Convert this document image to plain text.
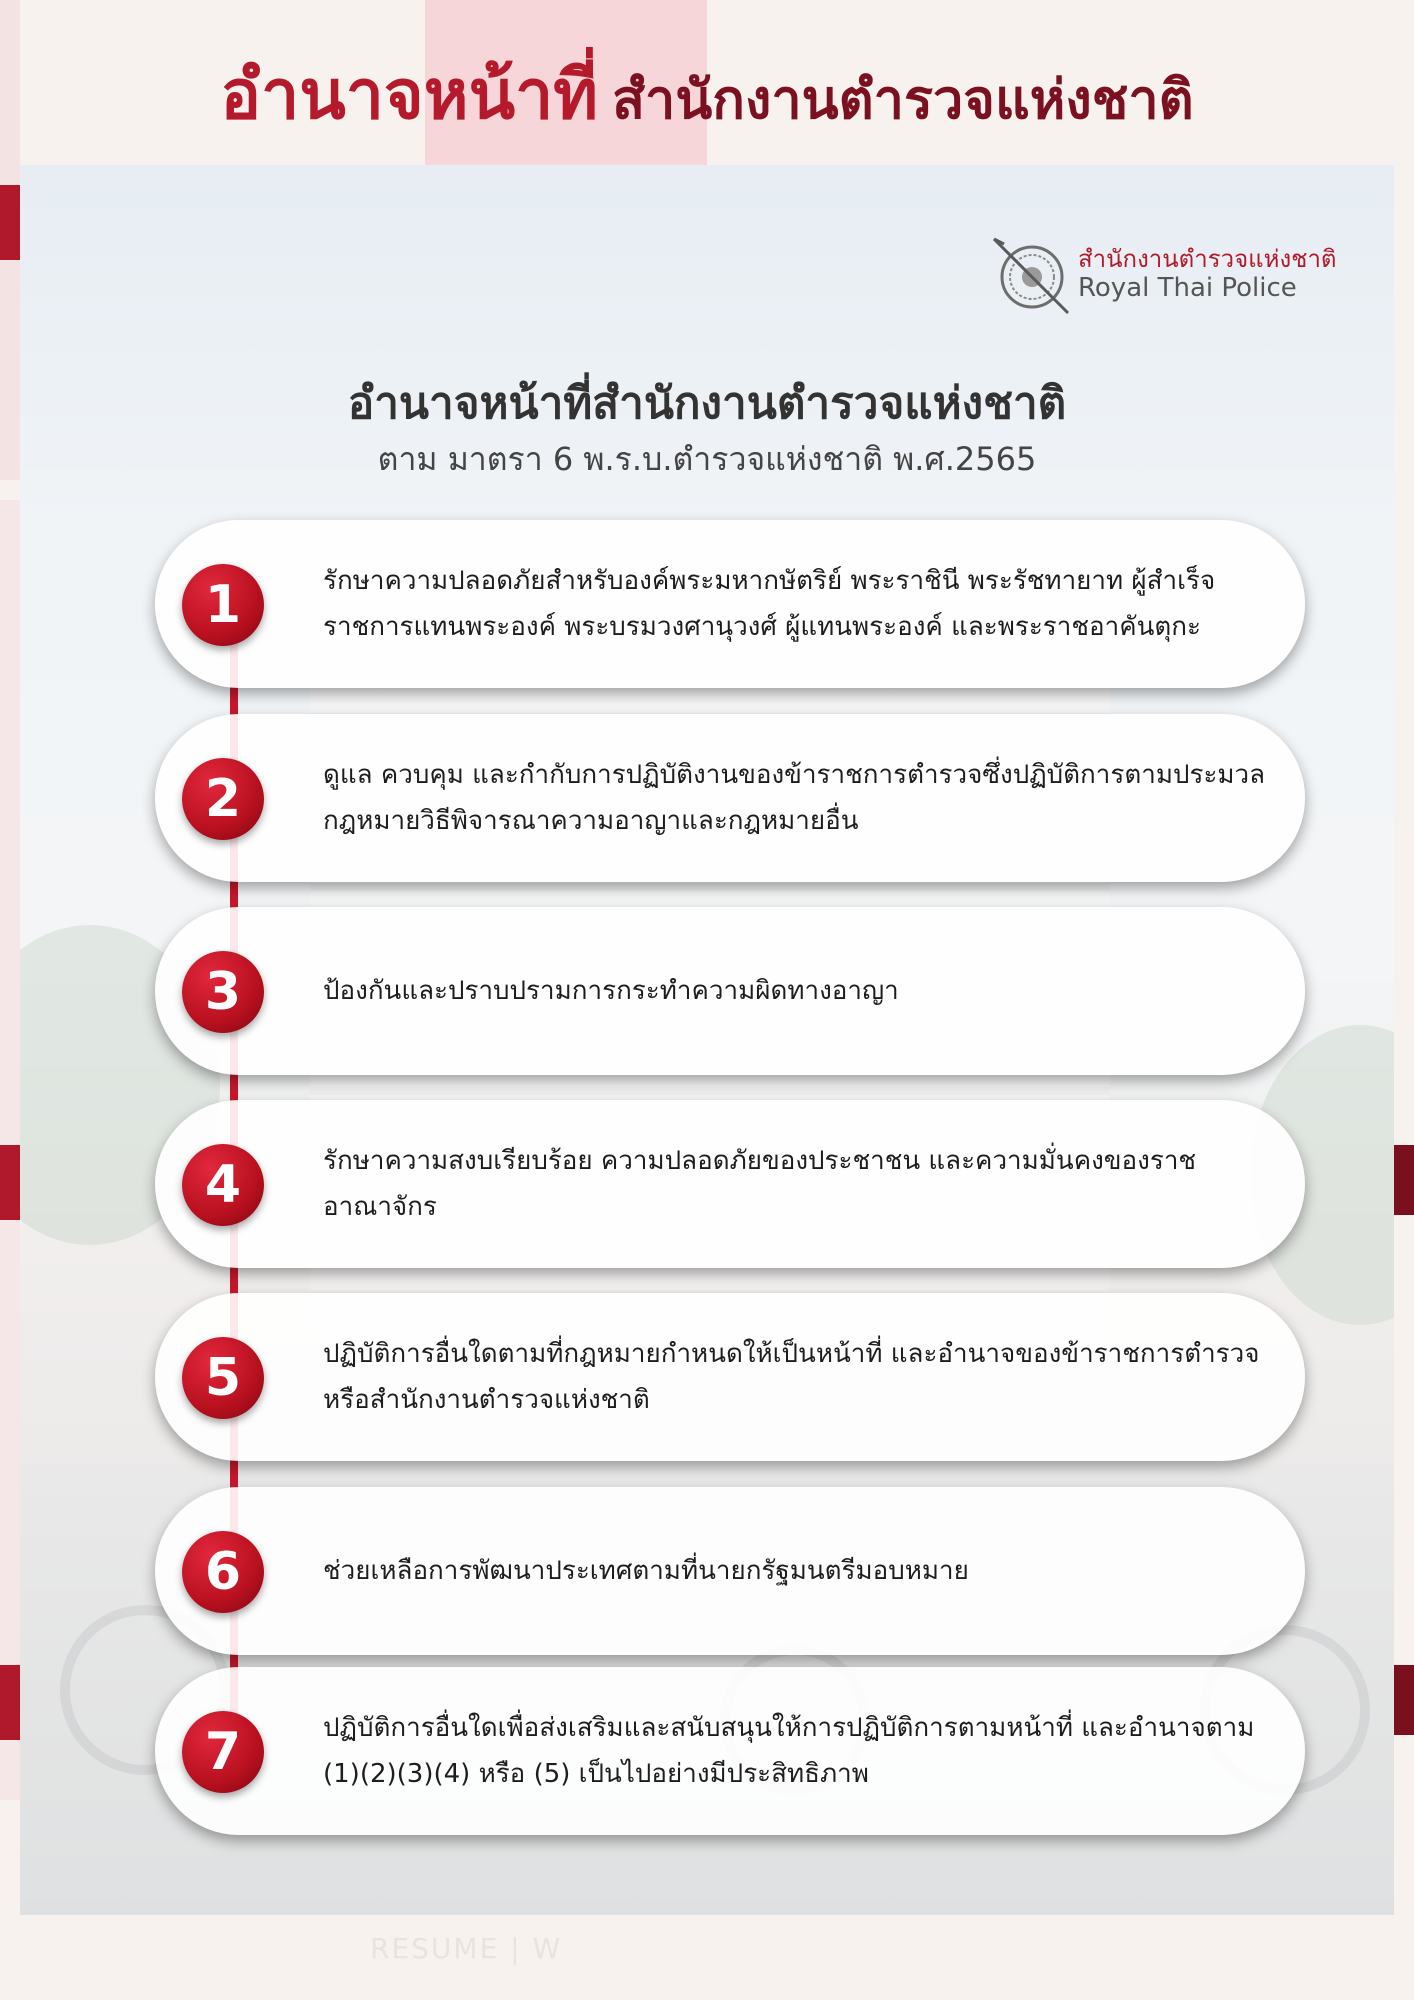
อำนาจหน้าที่ สำนักงานตำรวจแห่งชาติ
สำนักงานตำรวจแห่งชาติ
Royal Thai Police
อำนาจหน้าที่สำนักงานตำรวจแห่งชาติ
ตาม มาตรา 6 พ.ร.บ.ตำรวจแห่งชาติ พ.ศ.2565
1	รักษาความปลอดภัยสำหรับองค์พระมหากษัตริย์ พระราชินี พระรัชทายาท ผู้สำเร็จราชการแทนพระองค์ พระบรมวงศานุวงศ์ ผู้แทนพระองค์ และพระราชอาคันตุกะ
2	ดูแล ควบคุม และกำกับการปฏิบัติงานของข้าราชการตำรวจซึ่งปฏิบัติการตามประมวลกฎหมายวิธีพิจารณาความอาญาและกฎหมายอื่น
3	ป้องกันและปราบปรามการกระทำความผิดทางอาญา
4	รักษาความสงบเรียบร้อย ความปลอดภัยของประชาชน และความมั่นคงของราชอาณาจักร
5	ปฏิบัติการอื่นใดตามที่กฎหมายกำหนดให้เป็นหน้าที่ และอำนาจของข้าราชการตำรวจหรือสำนักงานตำรวจแห่งชาติ
6	ช่วยเหลือการพัฒนาประเทศตามที่นายกรัฐมนตรีมอบหมาย
7	ปฏิบัติการอื่นใดเพื่อส่งเสริมและสนับสนุนให้การปฏิบัติการตามหน้าที่ และอำนาจตาม (1)(2)(3)(4) หรือ (5) เป็นไปอย่างมีประสิทธิภาพ
RESUME | W
